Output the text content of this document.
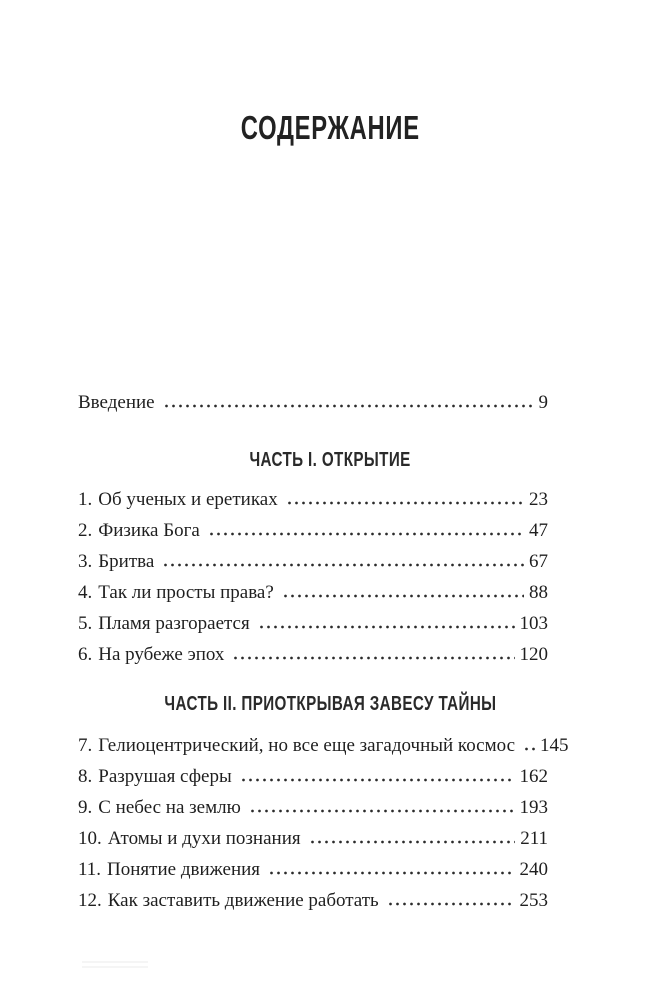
СОДЕРЖАНИЕ
Введение	9
ЧАСТЬ I. ОТКРЫТИЕ
1. Об ученых и еретиках	23
2. Физика Бога	47
3. Бритва	67
4. Так ли просты права?	88
5. Пламя разгорается	103
6. На рубеже эпох	120
ЧАСТЬ II. ПРИОТКРЫВАЯ ЗАВЕСУ ТАЙНЫ
7. Гелиоцентрический, но все еще загадочный космос 145
8. Разрушая сферы	162
9. С небес на землю	193
10. Атомы и духи познания	211
11. Понятие движения	240
12. Как заставить движение работать	253
